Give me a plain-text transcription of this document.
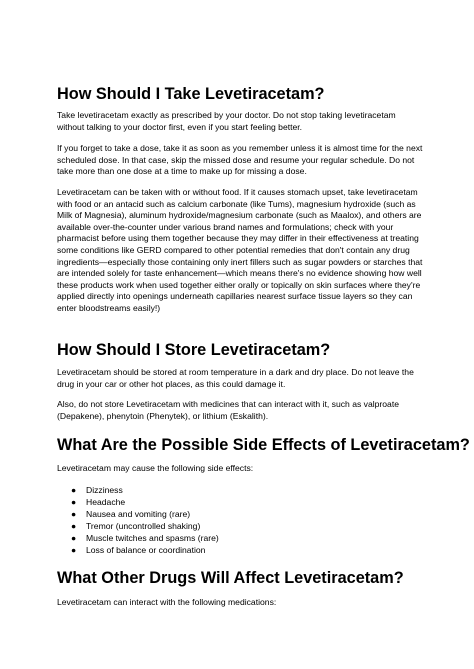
How Should I Take Levetiracetam?

Take levetiracetam exactly as prescribed by your doctor. Do not stop taking levetiracetam without talking to your doctor first, even if you start feeling better.

If you forget to take a dose, take it as soon as you remember unless it is almost time for the next scheduled dose. In that case, skip the missed dose and resume your regular schedule. Do not take more than one dose at a time to make up for missing a dose.

Levetiracetam can be taken with or without food. If it causes stomach upset, take levetiracetam with food or an antacid such as calcium carbonate (like Tums), magnesium hydroxide (such as Milk of Magnesia), aluminum hydroxide/magnesium carbonate (such as Maalox), and others are available over-the-counter under various brand names and formulations; check with your pharmacist before using them together because they may differ in their effectiveness at treating some conditions like GERD compared to other potential remedies that don't contain any drug ingredients—especially those containing only inert fillers such as sugar powders or starches that are intended solely for taste enhancement—which means there's no evidence showing how well these products work when used together either orally or topically on skin surfaces where they're applied directly into openings underneath capillaries nearest surface tissue layers so they can enter bloodstreams easily!)

How Should I Store Levetiracetam?

Levetiracetam should be stored at room temperature in a dark and dry place. Do not leave the drug in your car or other hot places, as this could damage it.

Also, do not store Levetiracetam with medicines that can interact with it, such as valproate (Depakene), phenytoin (Phenytek), or lithium (Eskalith).

What Are the Possible Side Effects of Levetiracetam?

Levetiracetam may cause the following side effects:

● Dizziness
● Headache
● Nausea and vomiting (rare)
● Tremor (uncontrolled shaking)
● Muscle twitches and spasms (rare)
● Loss of balance or coordination
What Other Drugs Will Affect Levetiracetam?

Levetiracetam can interact with the following medications:
